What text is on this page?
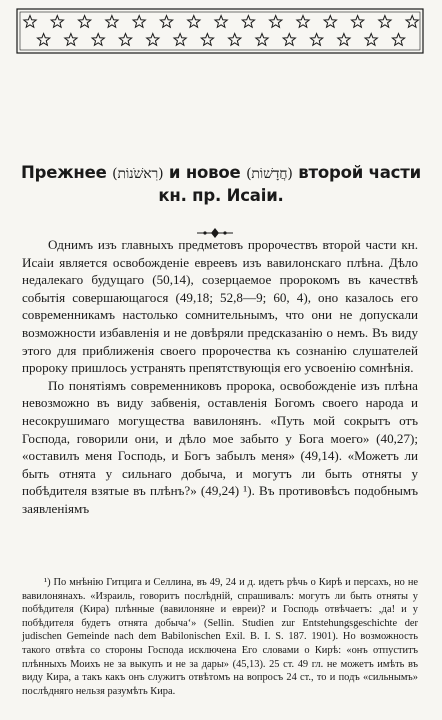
Прежнее (רִאשֹׁנוֹת) и новое (חֲדָשׁוֹת) второй части
кн. пр. Исаіи.

Однимъ изъ главныхъ предметовъ пророчествъ второй части кн. Исаіи является освобожденіе евреевъ изъ вавилонскаго плѣна. Дѣло недалекаго будущаго (50,14), созерцаемое пророкомъ въ качествѣ событія совершающагося (49,18; 52,8—9; 60, 4), оно казалось его современникамъ настолько сомнительнымъ, что они не допускали возможности избавленія и не довѣряли предсказанію о немъ. Въ виду этого для приближенія своего пророчества къ сознанію слушателей пророку пришлось устранять препятствующія его усвоенію сомнѣнія.

По понятіямъ современниковъ пророка, освобожденіе изъ плѣна невозможно въ виду забвенія, оставленія Богомъ своего народа и несокрушимаго могущества вавилонянъ. «Путь мой сокрытъ отъ Господа, говорили они, и дѣло мое забыто у Бога моего» (40,27); «оставилъ меня Господь, и Богъ забылъ меня» (49,14). «Можетъ ли быть отнята у сильнаго добыча, и могутъ ли быть отняты у побѣдителя взятые въ плѣнъ?» (49,24) ¹). Въ противовѣсъ подобнымъ заявленіямъ

¹) По мнѣнію Гитцига и Селлина, въ 49, 24 и д. идетъ рѣчь о Кирѣ и персахъ, но не вавилонянахъ. «Израиль, говоритъ послѣдній, спрашивалъ: могутъ ли быть отняты у побѣдителя (Кира) плѣнные (вавилоняне и евреи)? и Господь отвѣчаетъ: ‚да! и у побѣдителя будетъ отнята добыча‘» (Sellin. Studien zur Entstehungsgeschichte der judischen Gemeinde nach dem Babilonischen Exil. B. I. S. 187. 1901). Но возможность такого отвѣта со стороны Господа исключена Его словами о Кирѣ: «онъ отпуститъ плѣнныхъ Моихъ не за выкупъ и не за дары» (45,13). 25 ст. 49 гл. не можетъ имѣть въ виду Кира, а такъ какъ онъ служитъ отвѣтомъ на вопросъ 24 ст., то и подъ «сильнымъ» послѣдняго нельзя разумѣть Кира.
